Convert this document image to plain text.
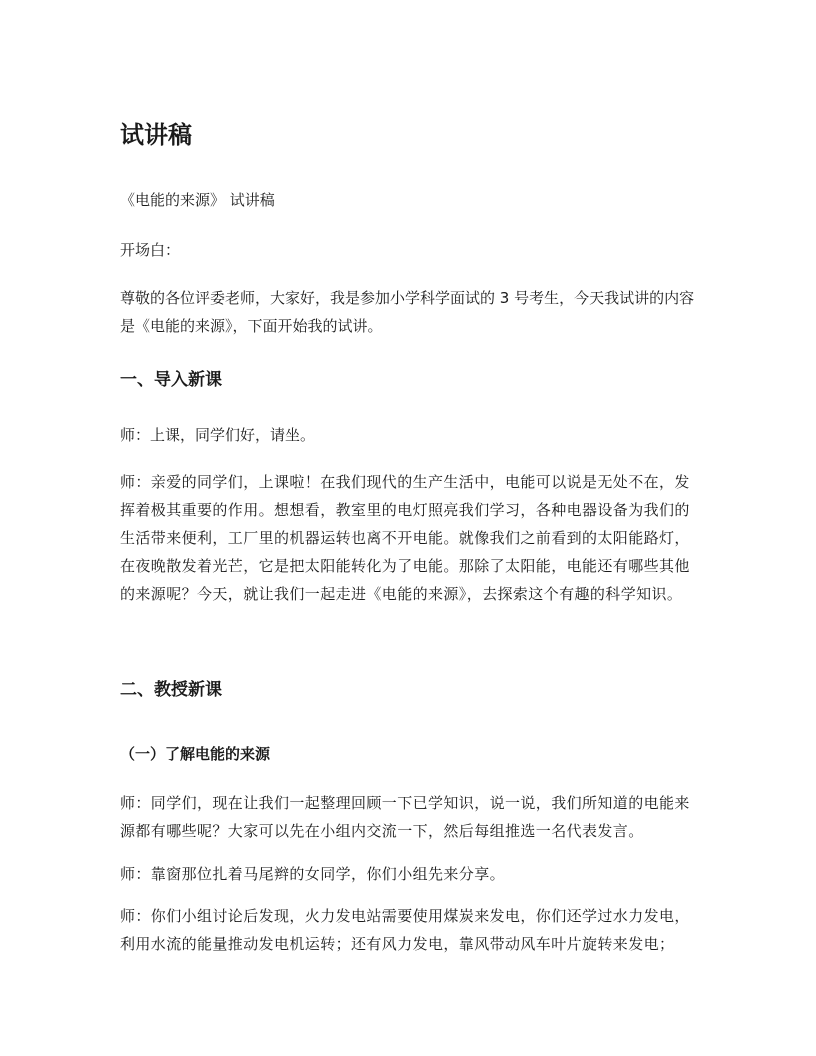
试讲稿

《电能的来源》 试讲稿

开场白：

尊敬的各位评委老师，大家好，我是参加小学科学面试的 3 号考生，今天我试讲的内容是《电能的来源》，下面开始我的试讲。

一、导入新课

师：上课，同学们好，请坐。

师：亲爱的同学们，上课啦！在我们现代的生产生活中，电能可以说是无处不在，发挥着极其重要的作用。想想看，教室里的电灯照亮我们学习，各种电器设备为我们的生活带来便利，工厂里的机器运转也离不开电能。就像我们之前看到的太阳能路灯，在夜晚散发着光芒，它是把太阳能转化为了电能。那除了太阳能，电能还有哪些其他的来源呢？今天，就让我们一起走进《电能的来源》，去探索这个有趣的科学知识。

二、教授新课
（一）了解电能的来源

师：同学们，现在让我们一起整理回顾一下已学知识，说一说，我们所知道的电能来源都有哪些呢？大家可以先在小组内交流一下，然后每组推选一名代表发言。

师：靠窗那位扎着马尾辫的女同学，你们小组先来分享。

师：你们小组讨论后发现，火力发电站需要使用煤炭来发电，你们还学过水力发电，利用水流的能量推动发电机运转；还有风力发电，靠风带动风车叶片旋转来发电；
